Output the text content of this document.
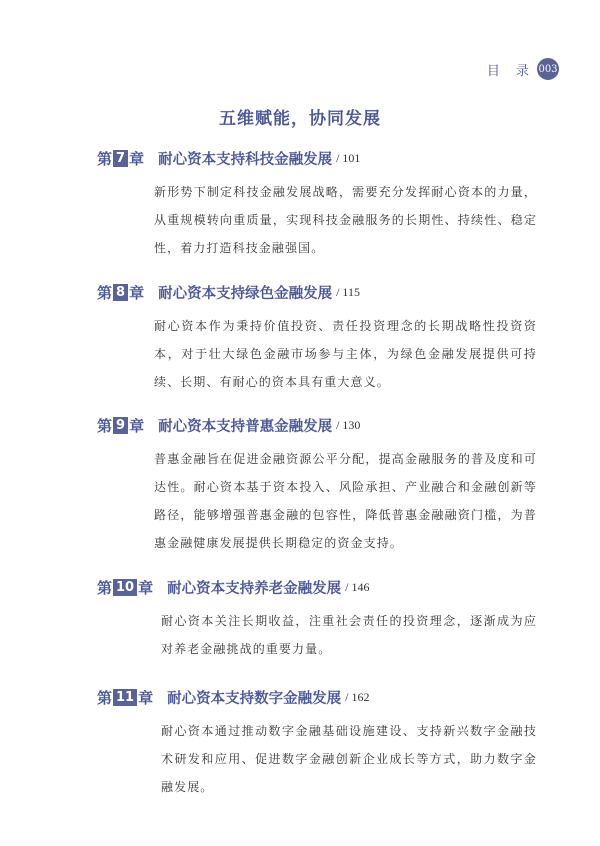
目 录 003
五维赋能，协同发展
第 7 章 耐心资本支持科技金融发展 / 101
新形势下制定科技金融发展战略，需要充分发挥耐心资本的力量，从重规模转向重质量，实现科技金融服务的长期性、持续性、稳定性，着力打造科技金融强国。
第 8 章 耐心资本支持绿色金融发展 / 115
耐心资本作为秉持价值投资、责任投资理念的长期战略性投资资本，对于壮大绿色金融市场参与主体，为绿色金融发展提供可持续、长期、有耐心的资本具有重大意义。
第 9 章 耐心资本支持普惠金融发展 / 130
普惠金融旨在促进金融资源公平分配，提高金融服务的普及度和可达性。耐心资本基于资本投入、风险承担、产业融合和金融创新等路径，能够增强普惠金融的包容性，降低普惠金融融资门槛，为普惠金融健康发展提供长期稳定的资金支持。
第 10 章 耐心资本支持养老金融发展 / 146
耐心资本关注长期收益，注重社会责任的投资理念，逐渐成为应对养老金融挑战的重要力量。
第 11 章 耐心资本支持数字金融发展 / 162
耐心资本通过推动数字金融基础设施建设、支持新兴数字金融技术研发和应用、促进数字金融创新企业成长等方式，助力数字金融发展。
